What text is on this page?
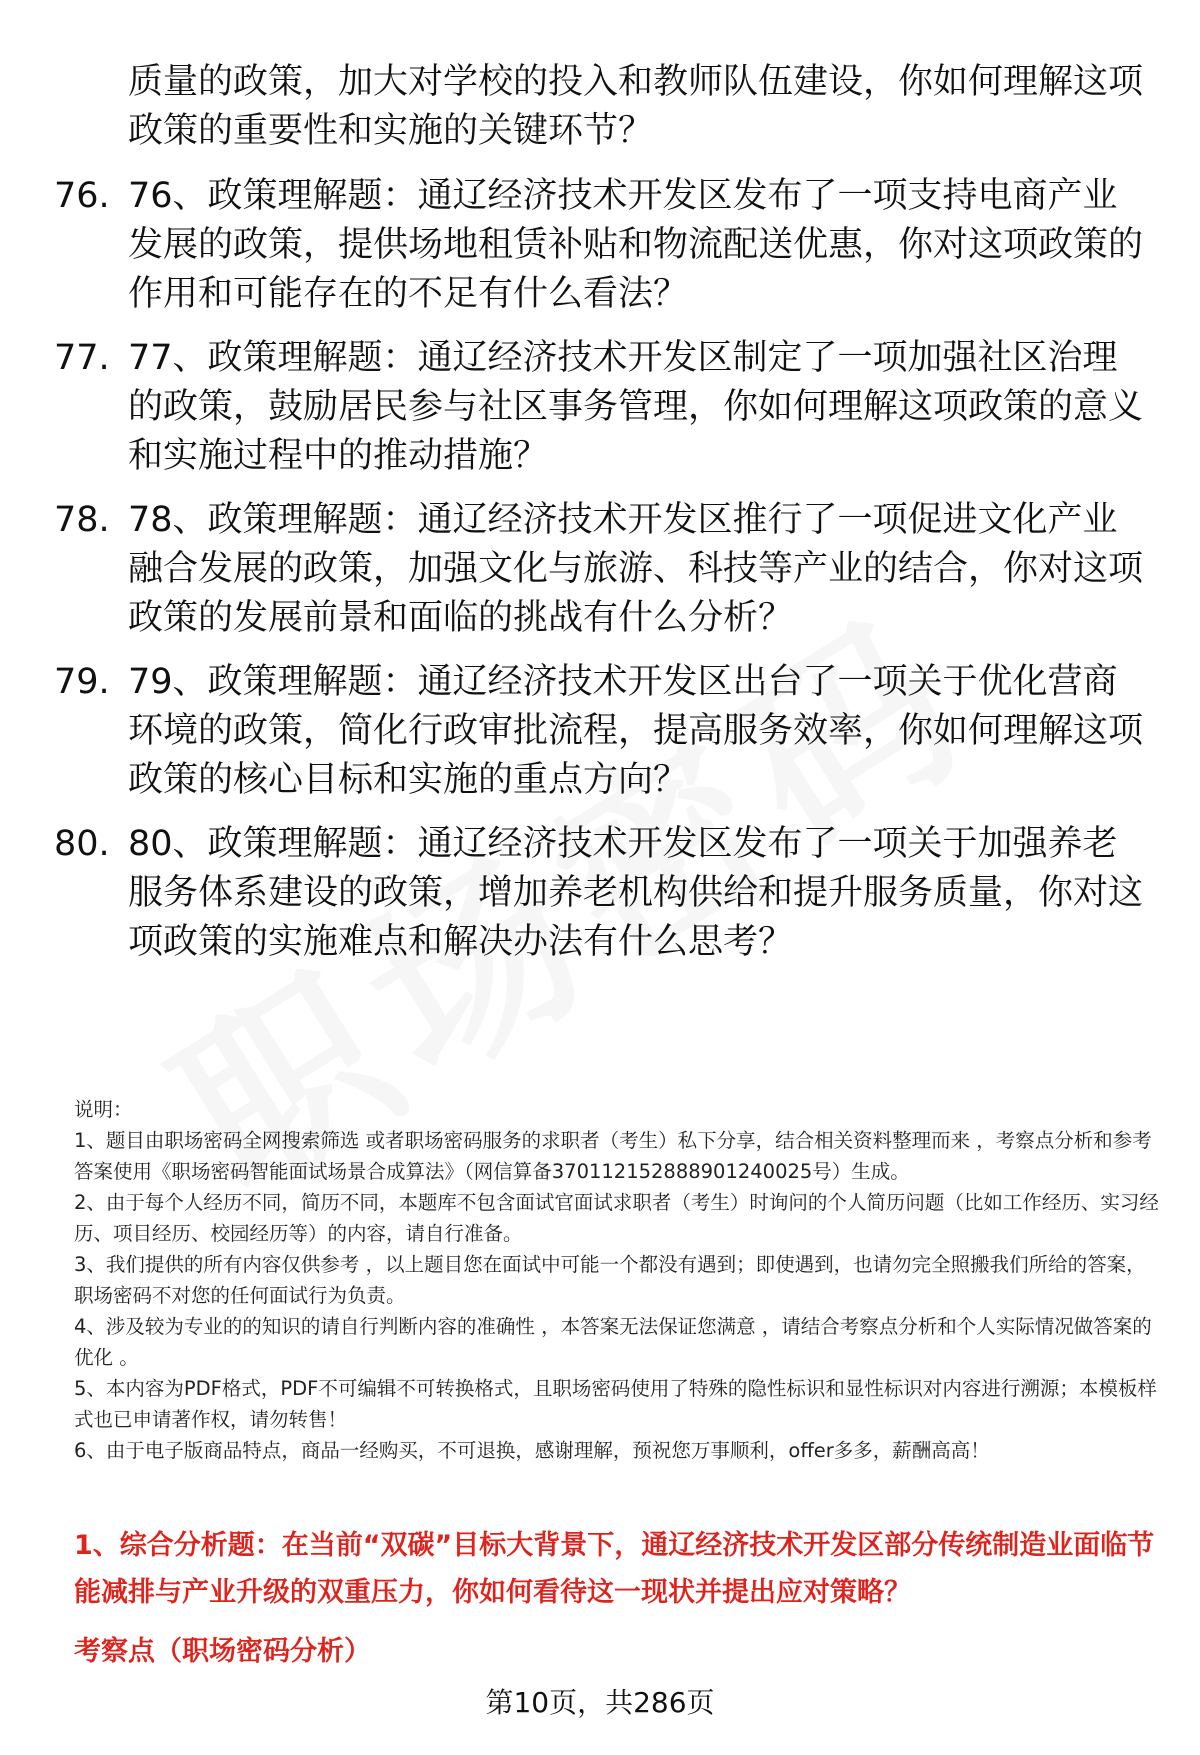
质量的政策，加大对学校的投入和教师队伍建设，你如何理解这项政策的重要性和实施的关键环节？
76. 76、政策理解题：通辽经济技术开发区发布了一项支持电商产业发展的政策，提供场地租赁补贴和物流配送优惠，你对这项政策的作用和可能存在的不足有什么看法？
77. 77、政策理解题：通辽经济技术开发区制定了一项加强社区治理的政策，鼓励居民参与社区事务管理，你如何理解这项政策的意义和实施过程中的推动措施？
78. 78、政策理解题：通辽经济技术开发区推行了一项促进文化产业融合发展的政策，加强文化与旅游、科技等产业的结合，你对这项政策的发展前景和面临的挑战有什么分析？
79. 79、政策理解题：通辽经济技术开发区出台了一项关于优化营商环境的政策，简化行政审批流程，提高服务效率，你如何理解这项政策的核心目标和实施的重点方向？
80. 80、政策理解题：通辽经济技术开发区发布了一项关于加强养老服务体系建设的政策，增加养老机构供给和提升服务质量，你对这项政策的实施难点和解决办法有什么思考？

说明：

1、题目由职场密码全网搜索筛选 或者职场密码服务的求职者（考生）私下分享，结合相关资料整理而来 ，考察点分析和参考答案使用《职场密码智能面试场景合成算法》（网信算备370112152888901240025号）生成。

2、由于每个人经历不同，简历不同，本题库不包含面试官面试求职者（考生）时询问的个人简历问题（比如工作经历、实习经历、项目经历、校园经历等）的内容，请自行准备。

3、我们提供的所有内容仅供参考 ，以上题目您在面试中可能一个都没有遇到；即使遇到，也请勿完全照搬我们所给的答案，职场密码不对您的任何面试行为负责。

4、涉及较为专业的的知识的请自行判断内容的准确性 ，本答案无法保证您满意 ，请结合考察点分析和个人实际情况做答案的优化 。

5、本内容为PDF格式，PDF不可编辑不可转换格式，且职场密码使用了特殊的隐性标识和显性标识对内容进行溯源；本模板样式也已申请著作权，请勿转售！

6、由于电子版商品特点，商品一经购买，不可退换，感谢理解，预祝您万事顺利，offer多多，薪酬高高！

1、综合分析题：在当前“双碳”目标大背景下，通辽经济技术开发区部分传统制造业面临节能减排与产业升级的双重压力，你如何看待这一现状并提出应对策略？
考察点（职场密码分析）
第10页，共286页
